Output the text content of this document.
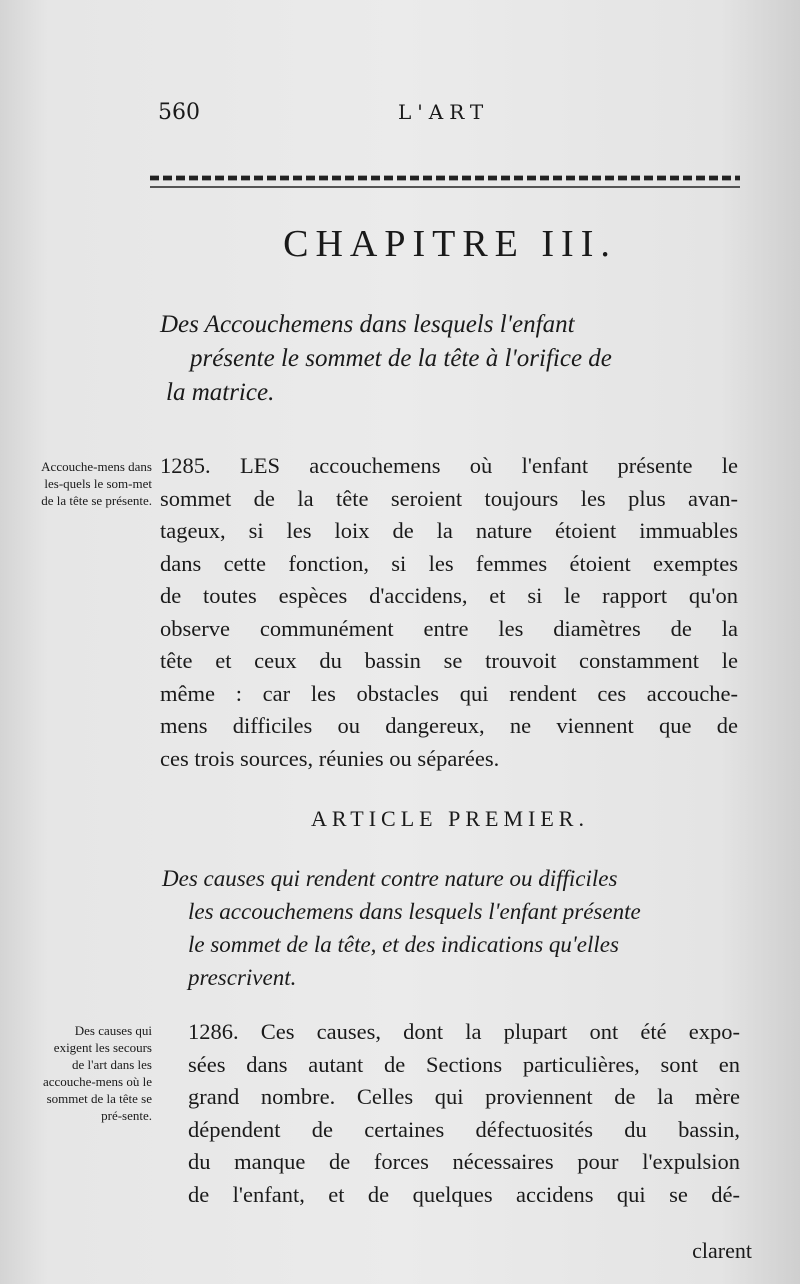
560	L'ART
CHAPITRE III.
Des Accouchemens dans lesquels l'enfant
présente le sommet de la tête à l'orifice de
la matrice.
Accouche-mens dans les-quels le som-met de la tête se présente.
1285. LES accouchemens où l'enfant présente le
sommet de la tête seroient toujours les plus avan-
tageux, si les loix de la nature étoient immuables
dans cette fonction, si les femmes étoient exemptes
de toutes espèces d'accidens, et si le rapport qu'on
observe communément entre les diamètres de la
tête et ceux du bassin se trouvoit constamment le
même : car les obstacles qui rendent ces accouche-
mens difficiles ou dangereux, ne viennent que de
ces trois sources, réunies ou séparées.
ARTICLE PREMIER.
Des causes qui rendent contre nature ou difficiles
les accouchemens dans lesquels l'enfant présente
le sommet de la tête, et des indications qu'elles
prescrivent.
Des causes qui exigent les secours de l'art dans les accouche-mens où le sommet de la tête se pré-sente.
1286. Ces causes, dont la plupart ont été expo-
sées dans autant de Sections particulières, sont en
grand nombre. Celles qui proviennent de la mère
dépendent de certaines défectuosités du bassin,
du manque de forces nécessaires pour l'expulsion
de l'enfant, et de quelques accidens qui se dé-
clarent
